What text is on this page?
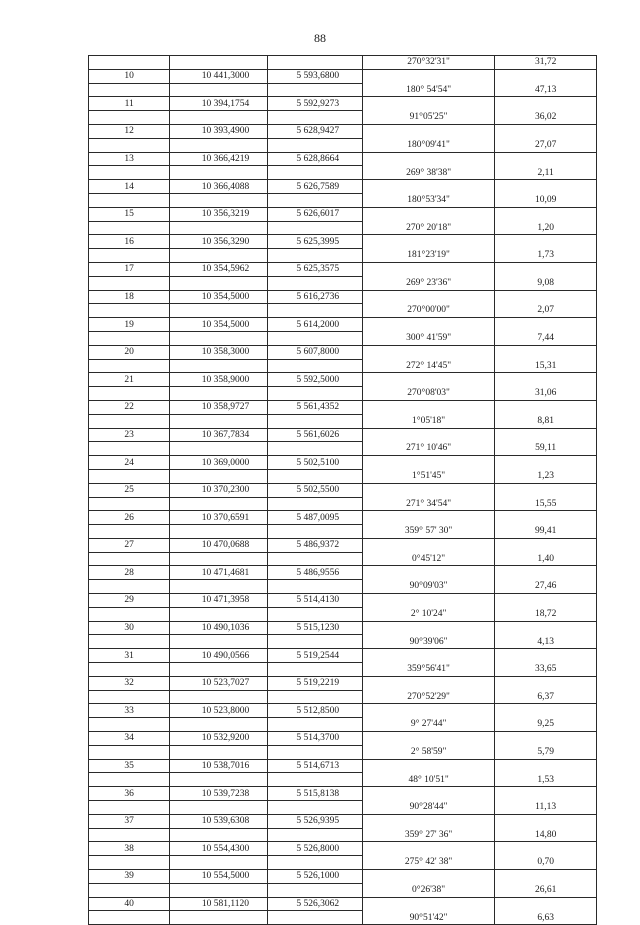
88
			270°32'31"	31,72
10	10 441,3000	5 593,6800		
			180° 54'54"	47,13
11	10 394,1754	5 592,9273		
			91°05'25"	36,02
12	10 393,4900	5 628,9427		
			180°09'41"	27,07
13	10 366,4219	5 628,8664		
			269° 38'38"	2,11
14	10 366,4088	5 626,7589		
			180°53'34"	10,09
15	10 356,3219	5 626,6017		
			270° 20'18"	1,20
16	10 356,3290	5 625,3995		
			181°23'19"	1,73
17	10 354,5962	5 625,3575		
			269° 23'36"	9,08
18	10 354,5000	5 616,2736		
			270°00'00"	2,07
19	10 354,5000	5 614,2000		
			300° 41'59"	7,44
20	10 358,3000	5 607,8000		
			272° 14'45"	15,31
21	10 358,9000	5 592,5000		
			270°08'03"	31,06
22	10 358,9727	5 561,4352		
			1°05'18"	8,81
23	10 367,7834	5 561,6026		
			271° 10'46"	59,11
24	10 369,0000	5 502,5100		
			1°51'45"	1,23
25	10 370,2300	5 502,5500		
			271° 34'54"	15,55
26	10 370,6591	5 487,0095		
			359° 57' 30"	99,41
27	10 470,0688	5 486,9372		
			0°45'12"	1,40
28	10 471,4681	5 486,9556		
			90°09'03"	27,46
29	10 471,3958	5 514,4130		
			2° 10'24"	18,72
30	10 490,1036	5 515,1230		
			90°39'06"	4,13
31	10 490,0566	5 519,2544		
			359°56'41"	33,65
32	10 523,7027	5 519,2219		
			270°52'29"	6,37
33	10 523,8000	5 512,8500		
			9° 27'44"	9,25
34	10 532,9200	5 514,3700		
			2° 58'59"	5,79
35	10 538,7016	5 514,6713		
			48° 10'51"	1,53
36	10 539,7238	5 515,8138		
			90°28'44"	11,13
37	10 539,6308	5 526,9395		
			359° 27' 36"	14,80
38	10 554,4300	5 526,8000		
			275° 42' 38"	0,70
39	10 554,5000	5 526,1000		
			0°26'38"	26,61
40	10 581,1120	5 526,3062		
			90°51'42"	6,63
